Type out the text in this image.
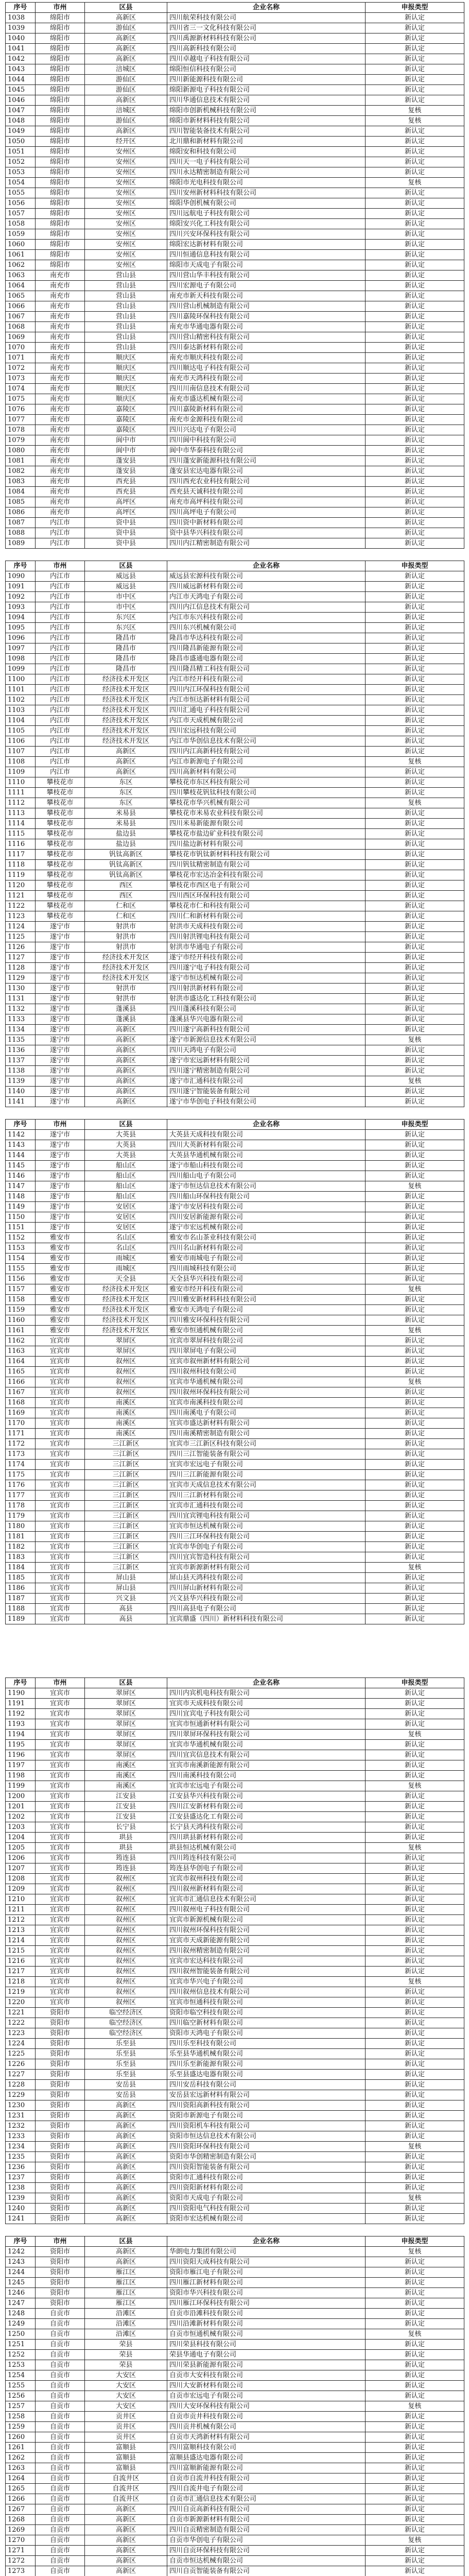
序号	市州	区县	企业名称	申报类型
1038	绵阳市	高新区	四川航荣科技有限公司	新认定
1039	绵阳市	游仙区	四川省三一文化科技有限公司	新认定
1040	绵阳市	高新区	四川禹源新材料科技有限公司	新认定
1041	绵阳市	高新区	四川高新科技有限公司	新认定
1042	绵阳市	高新区	四川卓越电子科技有限公司	新认定
1043	绵阳市	涪城区	绵阳恒信科技有限公司	新认定
1044	绵阳市	游仙区	四川新能源科技有限公司	新认定
1045	绵阳市	游仙区	绵阳新源电子科技有限公司	新认定
1046	绵阳市	高新区	四川华通信息技术有限公司	新认定
1047	绵阳市	涪城区	绵阳市创新机械科技有限公司	复核
1048	绵阳市	游仙区	绵阳市新材料科技有限公司	复核
1049	绵阳市	高新区	四川智能装备技术有限公司	新认定
1050	绵阳市	经开区	北川鼎和新材料有限公司	新认定
1051	绵阳市	安州区	绵阳安和科技有限公司	新认定
1052	绵阳市	安州区	四川天一电子科技有限公司	新认定
1053	绵阳市	安州区	四川永达精密制造有限公司	新认定
1054	绵阳市	安州区	绵阳市光电科技有限公司	复核
1055	绵阳市	安州区	四川安州新材料科技有限公司	新认定
1056	绵阳市	安州区	绵阳华创机械有限公司	新认定
1057	绵阳市	安州区	四川远航电子科技有限公司	新认定
1058	绵阳市	安州区	绵阳安兴化工科技有限公司	新认定
1059	绵阳市	安州区	四川兴安环保科技有限公司	新认定
1060	绵阳市	安州区	绵阳宏达新材料有限公司	新认定
1061	绵阳市	安州区	四川恒通信息科技有限公司	新认定
1062	绵阳市	安州区	绵阳市天成电子有限公司	新认定
1063	南充市	营山县	四川营山华丰科技有限公司	新认定
1064	南充市	营山县	四川宏源电子有限公司	新认定
1065	南充市	营山县	南充市新天科技有限公司	新认定
1066	南充市	营山县	四川营山机械制造有限公司	新认定
1067	南充市	营山县	四川嘉陵环保科技有限公司	新认定
1068	南充市	营山县	南充市华通电器有限公司	新认定
1069	南充市	营山县	四川营山精密科技有限公司	新认定
1070	南充市	营山县	四川泰达新材料有限公司	新认定
1071	南充市	顺庆区	南充市顺庆科技有限公司	新认定
1072	南充市	顺庆区	四川顺达电子科技有限公司	新认定
1073	南充市	顺庆区	南充市天鸿科技有限公司	新认定
1074	南充市	顺庆区	四川川南信息技术有限公司	新认定
1075	南充市	顺庆区	南充市盛达机械有限公司	新认定
1076	南充市	嘉陵区	四川嘉陵新材料有限公司	新认定
1077	南充市	嘉陵区	南充市金源科技有限公司	新认定
1078	南充市	嘉陵区	四川兴达电子有限公司	新认定
1079	南充市	阆中市	四川阆中科技有限公司	新认定
1080	南充市	阆中市	阆中市华泰科技有限公司	新认定
1081	南充市	蓬安县	四川蓬安新能源科技有限公司	新认定
1082	南充市	蓬安县	蓬安县宏达电器有限公司	新认定
1083	南充市	西充县	四川西充农业科技有限公司	新认定
1084	南充市	西充县	西充县天诚科技有限公司	新认定
1085	南充市	高坪区	南充市高坪科技有限公司	新认定
1086	南充市	高坪区	四川高坪电子有限公司	新认定
1087	内江市	资中县	四川资中新材料有限公司	新认定
1088	内江市	资中县	资中县华兴科技有限公司	新认定
1089	内江市	资中县	四川内江精密制造有限公司	新认定
序号	市州	区县	企业名称	申报类型
1090	内江市	威远县	威远县宏源科技有限公司	新认定
1091	内江市	威远县	四川威远新材料有限公司	新认定
1092	内江市	市中区	内江市天鸿电子有限公司	新认定
1093	内江市	市中区	四川内江信息技术有限公司	新认定
1094	内江市	东兴区	内江市东兴科技有限公司	新认定
1095	内江市	东兴区	四川东兴机械有限公司	新认定
1096	内江市	隆昌市	隆昌市华达科技有限公司	新认定
1097	内江市	隆昌市	四川隆昌新能源有限公司	新认定
1098	内江市	隆昌市	隆昌市盛通电器有限公司	新认定
1099	内江市	隆昌市	四川隆昌精工科技有限公司	新认定
1100	内江市	经济技术开发区	内江市经开科技有限公司	新认定
1101	内江市	经济技术开发区	四川内江环保科技有限公司	新认定
1102	内江市	经济技术开发区	内江市恒达新材料有限公司	新认定
1103	内江市	经济技术开发区	四川汇通电子科技有限公司	新认定
1104	内江市	经济技术开发区	内江市天成机械有限公司	新认定
1105	内江市	经济技术开发区	四川宏远科技有限公司	新认定
1106	内江市	经济技术开发区	内江市华创信息技术有限公司	新认定
1107	内江市	高新区	四川内江高新科技有限公司	新认定
1108	内江市	高新区	内江市新源电子有限公司	复核
1109	内江市	高新区	四川高新材料有限公司	新认定
1110	攀枝花市	东区	攀枝花市东区科技有限公司	新认定
1111	攀枝花市	东区	四川攀枝花钒钛科技有限公司	新认定
1112	攀枝花市	东区	攀枝花市华兴机械有限公司	复核
1113	攀枝花市	米易县	攀枝花市米易农业科技有限公司	新认定
1114	攀枝花市	米易县	四川米易新能源有限公司	新认定
1115	攀枝花市	盐边县	攀枝花市盐边矿业科技有限公司	新认定
1116	攀枝花市	盐边县	四川盐边新材料有限公司	新认定
1117	攀枝花市	钒钛高新区	攀枝花市钒钛新材料科技有限公司	新认定
1118	攀枝花市	钒钛高新区	四川钒钛精密制造有限公司	新认定
1119	攀枝花市	钒钛高新区	攀枝花市宏达冶金科技有限公司	新认定
1120	攀枝花市	西区	攀枝花市西区电子有限公司	新认定
1121	攀枝花市	西区	四川西区环保科技有限公司	新认定
1122	攀枝花市	仁和区	攀枝花市仁和科技有限公司	新认定
1123	攀枝花市	仁和区	四川仁和新材料有限公司	新认定
1124	遂宁市	射洪市	射洪市天成科技有限公司	新认定
1125	遂宁市	射洪市	四川射洪锂电科技有限公司	新认定
1126	遂宁市	射洪市	射洪市华通电子有限公司	新认定
1127	遂宁市	经济技术开发区	遂宁市经开科技有限公司	新认定
1128	遂宁市	经济技术开发区	四川遂宁电子科技有限公司	新认定
1129	遂宁市	经济技术开发区	遂宁市恒达机械有限公司	新认定
1130	遂宁市	射洪市	四川射洪新材料有限公司	新认定
1131	遂宁市	射洪市	射洪市盛达化工科技有限公司	新认定
1132	遂宁市	蓬溪县	四川蓬溪科技有限公司	新认定
1133	遂宁市	蓬溪县	蓬溪县华兴电器有限公司	新认定
1134	遂宁市	高新区	四川遂宁高新科技有限公司	新认定
1135	遂宁市	高新区	遂宁市新源信息技术有限公司	复核
1136	遂宁市	高新区	四川天鸿电子有限公司	新认定
1137	遂宁市	高新区	遂宁市宏远新材料有限公司	新认定
1138	遂宁市	高新区	四川遂宁精密制造有限公司	新认定
1139	遂宁市	高新区	遂宁市汇通科技有限公司	复核
1140	遂宁市	高新区	四川遂宁智能装备有限公司	新认定
1141	遂宁市	高新区	遂宁市华创电子科技有限公司	新认定
序号	市州	区县	企业名称	申报类型
1142	遂宁市	大英县	大英县天成科技有限公司	新认定
1143	遂宁市	大英县	四川大英新材料有限公司	新认定
1144	遂宁市	大英县	大英县华通机械有限公司	新认定
1145	遂宁市	船山区	遂宁市船山科技有限公司	新认定
1146	遂宁市	船山区	四川船山电子有限公司	新认定
1147	遂宁市	船山区	遂宁市恒达信息技术有限公司	复核
1148	遂宁市	船山区	四川船山环保科技有限公司	新认定
1149	遂宁市	安居区	遂宁市安居科技有限公司	新认定
1150	遂宁市	安居区	四川安居新能源有限公司	新认定
1151	遂宁市	安居区	遂宁市宏远机械有限公司	新认定
1152	雅安市	名山区	雅安市名山茶业科技有限公司	新认定
1153	雅安市	名山区	四川名山新材料有限公司	新认定
1154	雅安市	雨城区	雅安市雨城电子有限公司	新认定
1155	雅安市	雨城区	四川雨城科技有限公司	新认定
1156	雅安市	天全县	天全县华兴科技有限公司	新认定
1157	雅安市	经济技术开发区	雅安市经开科技有限公司	复核
1158	雅安市	经济技术开发区	四川雅安新材料科技有限公司	新认定
1159	雅安市	经济技术开发区	雅安市天鸿电子有限公司	新认定
1160	雅安市	经济技术开发区	四川雅安环保科技有限公司	新认定
1161	雅安市	经济技术开发区	雅安市恒通机械有限公司	复核
1162	宜宾市	翠屏区	宜宾市翠屏科技有限公司	新认定
1163	宜宾市	翠屏区	四川翠屏电子有限公司	新认定
1164	宜宾市	叙州区	宜宾市叙州新材料有限公司	新认定
1165	宜宾市	叙州区	四川叙州科技有限公司	新认定
1166	宜宾市	叙州区	宜宾市华通机械有限公司	复核
1167	宜宾市	叙州区	四川叙州环保科技有限公司	新认定
1168	宜宾市	南溪区	宜宾市南溪科技有限公司	新认定
1169	宜宾市	南溪区	四川南溪电子有限公司	新认定
1170	宜宾市	南溪区	宜宾市盛达新材料有限公司	新认定
1171	宜宾市	南溪区	四川南溪精密制造有限公司	新认定
1172	宜宾市	三江新区	宜宾市三江新区科技有限公司	新认定
1173	宜宾市	三江新区	四川三江智能装备有限公司	新认定
1174	宜宾市	三江新区	宜宾市宏远电子有限公司	新认定
1175	宜宾市	三江新区	四川三江新能源有限公司	新认定
1176	宜宾市	三江新区	宜宾市天成信息技术有限公司	新认定
1177	宜宾市	三江新区	四川三江新材料有限公司	新认定
1178	宜宾市	三江新区	宜宾市汇通科技有限公司	新认定
1179	宜宾市	三江新区	四川宜宾锂电科技有限公司	新认定
1180	宜宾市	三江新区	宜宾市恒达机械有限公司	新认定
1181	宜宾市	三江新区	四川三江环保科技有限公司	新认定
1182	宜宾市	三江新区	宜宾市华创电子有限公司	新认定
1183	宜宾市	三江新区	四川宜宾智造科技有限公司	新认定
1184	宜宾市	三江新区	宜宾市新源新材料有限公司	复核
1185	宜宾市	屏山县	屏山县天鸿科技有限公司	新认定
1186	宜宾市	屏山县	四川屏山新材料有限公司	新认定
1187	宜宾市	兴文县	兴文县华兴科技有限公司	新认定
1188	宜宾市	高县	四川高县电子有限公司	新认定
1189	宜宾市	高县	宜宾鼎盛（四川）新材料科技有限公司	新认定
序号	市州	区县	企业名称	申报类型
1190	宜宾市	翠屏区	四川内宾机电科技有限公司	新认定
1191	宜宾市	翠屏区	宜宾市天成科技有限公司	新认定
1192	宜宾市	翠屏区	四川宜宾电子科技有限公司	新认定
1193	宜宾市	翠屏区	宜宾市恒通新材料有限公司	新认定
1194	宜宾市	翠屏区	四川翠屏环保科技有限公司	复核
1195	宜宾市	翠屏区	宜宾市华通机械有限公司	新认定
1196	宜宾市	翠屏区	四川宜宾信息技术有限公司	新认定
1197	宜宾市	南溪区	宜宾市南溪新能源有限公司	新认定
1198	宜宾市	南溪区	四川南溪科技有限公司	新认定
1199	宜宾市	南溪区	宜宾市宏远电子有限公司	复核
1200	宜宾市	江安县	江安县华兴科技有限公司	新认定
1201	宜宾市	江安县	四川江安新材料有限公司	新认定
1202	宜宾市	江安县	江安县盛达化工有限公司	新认定
1203	宜宾市	长宁县	长宁县天鸿科技有限公司	新认定
1204	宜宾市	珙县	四川珙县新材料有限公司	新认定
1205	宜宾市	珙县	珙县恒达机械有限公司	复核
1206	宜宾市	筠连县	四川筠连科技有限公司	新认定
1207	宜宾市	筠连县	筠连县华创电子有限公司	新认定
1208	宜宾市	叙州区	宜宾市叙州科技有限公司	新认定
1209	宜宾市	叙州区	四川叙州新材料有限公司	新认定
1210	宜宾市	叙州区	宜宾市汇通信息技术有限公司	新认定
1211	宜宾市	叙州区	四川叙州电子科技有限公司	新认定
1212	宜宾市	叙州区	宜宾市新源机械有限公司	新认定
1213	宜宾市	叙州区	四川叙州环保科技有限公司	新认定
1214	宜宾市	叙州区	宜宾市天成新能源有限公司	新认定
1215	宜宾市	叙州区	四川叙州精密制造有限公司	新认定
1216	宜宾市	叙州区	宜宾市宏达科技有限公司	新认定
1217	宜宾市	叙州区	四川叙州智能装备有限公司	新认定
1218	宜宾市	叙州区	宜宾市华兴电子有限公司	复核
1219	宜宾市	叙州区	四川叙州信息技术有限公司	新认定
1220	宜宾市	叙州区	宜宾市恒通科技有限公司	新认定
1221	资阳市	临空经济区	资阳市临空科技有限公司	新认定
1222	资阳市	临空经济区	四川临空新材料有限公司	新认定
1223	资阳市	临空经济区	资阳市天鸿电子有限公司	新认定
1224	资阳市	乐至县	四川乐至科技有限公司	新认定
1225	资阳市	乐至县	乐至县华通机械有限公司	新认定
1226	资阳市	乐至县	四川乐至新能源有限公司	新认定
1227	资阳市	乐至县	乐至县盛达电器有限公司	新认定
1228	资阳市	安岳县	四川安岳科技有限公司	新认定
1229	资阳市	安岳县	安岳县宏远新材料有限公司	新认定
1230	资阳市	高新区	四川资阳高新科技有限公司	新认定
1231	资阳市	高新区	资阳市新源电子有限公司	新认定
1232	资阳市	高新区	四川资阳机车科技有限公司	新认定
1233	资阳市	高新区	资阳市恒达信息技术有限公司	新认定
1234	资阳市	高新区	四川资阳环保科技有限公司	复核
1235	资阳市	高新区	资阳市华创精密制造有限公司	新认定
1236	资阳市	高新区	四川资阳智能装备有限公司	新认定
1237	资阳市	高新区	资阳市汇通科技有限公司	新认定
1238	资阳市	高新区	四川资阳新材料有限公司	新认定
1239	资阳市	高新区	资阳市天成电子有限公司	复核
1240	资阳市	高新区	四川资阳电气科技有限公司	新认定
1241	资阳市	高新区	资阳市宏达机械有限公司	新认定
序号	市州	区县	企业名称	申报类型
1242	资阳市	高新区	华朗电力集团有限公司	复核
1243	资阳市	高新区	四川资阳天成科技有限公司	新认定
1244	资阳市	雁江区	资阳市雁江电子有限公司	新认定
1245	资阳市	雁江区	四川雁江新材料有限公司	新认定
1246	资阳市	雁江区	资阳市华兴科技有限公司	新认定
1247	资阳市	雁江区	四川雁江环保科技有限公司	新认定
1248	自贡市	沿滩区	自贡市沿滩科技有限公司	新认定
1249	自贡市	沿滩区	四川沿滩新材料有限公司	新认定
1250	自贡市	沿滩区	自贡市恒通机械有限公司	复核
1251	自贡市	荣县	四川荣县科技有限公司	新认定
1252	自贡市	荣县	荣县华通电子有限公司	新认定
1253	自贡市	荣县	四川荣县新能源有限公司	新认定
1254	自贡市	大安区	自贡市大安科技有限公司	新认定
1255	自贡市	大安区	四川大安新材料有限公司	新认定
1256	自贡市	大安区	自贡市宏远电子有限公司	新认定
1257	自贡市	大安区	四川大安环保科技有限公司	复核
1258	自贡市	贡井区	自贡市贡井科技有限公司	新认定
1259	自贡市	贡井区	四川贡井机械有限公司	新认定
1260	自贡市	贡井区	自贡市天鸿新材料有限公司	新认定
1261	自贡市	富顺县	四川富顺科技有限公司	新认定
1262	自贡市	富顺县	富顺县盛达电器有限公司	新认定
1263	自贡市	富顺县	四川富顺新能源有限公司	新认定
1264	自贡市	自流井区	自贡市自流井科技有限公司	新认定
1265	自贡市	自流井区	四川自流井电子有限公司	新认定
1266	自贡市	自流井区	自贡市汇通信息技术有限公司	新认定
1267	自贡市	高新区	四川自贡高新科技有限公司	新认定
1268	自贡市	高新区	自贡市新源新材料有限公司	新认定
1269	自贡市	高新区	四川自贡精密制造有限公司	新认定
1270	自贡市	高新区	自贡市华创电子有限公司	复核
1271	自贡市	高新区	四川自贡环保科技有限公司	新认定
1272	自贡市	高新区	自贡市恒达机械有限公司	新认定
1273	自贡市	高新区	四川自贡智能装备有限公司	新认定
